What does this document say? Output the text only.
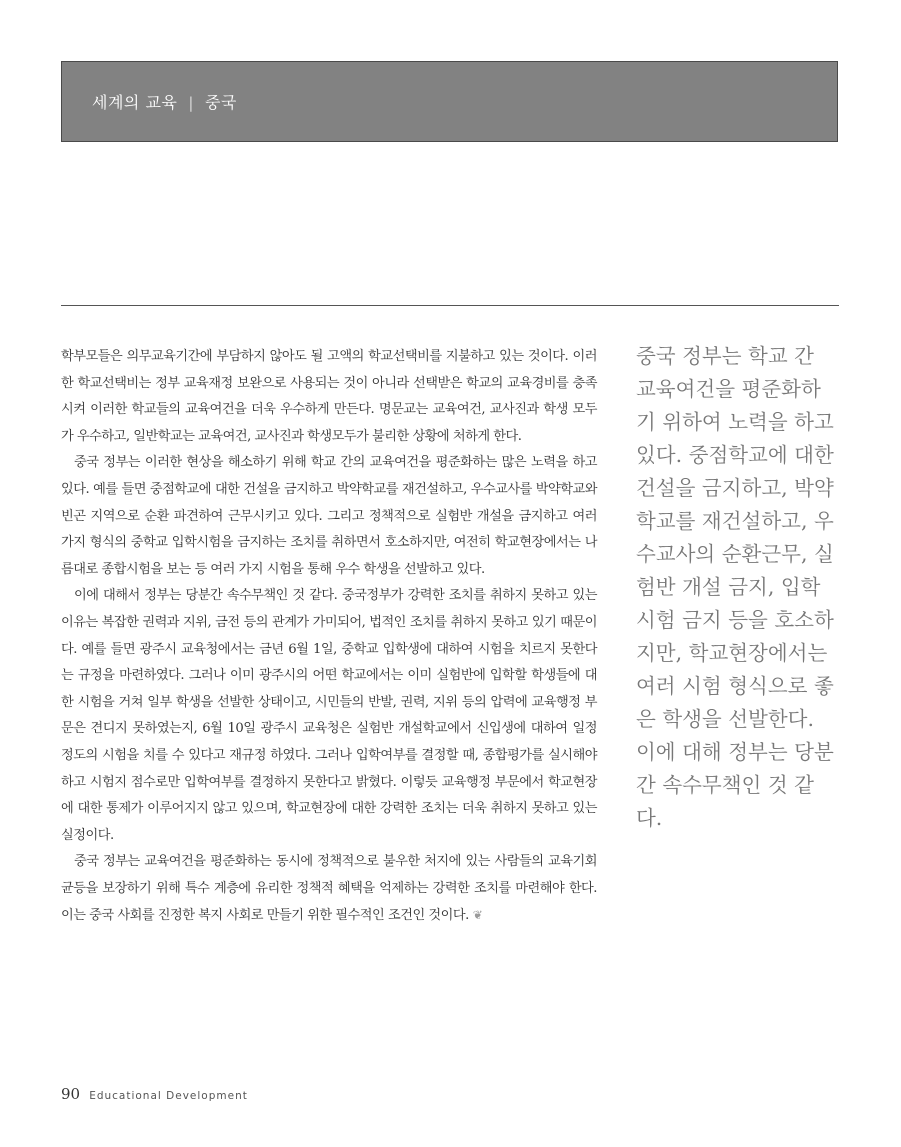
세계의 교육 | 중국

학부모들은 의무교육기간에 부담하지 않아도 될 고액의 학교선택비를 지불하고 있는 것이다. 이러한 학교선택비는 정부 교육재정 보완으로 사용되는 것이 아니라 선택받은 학교의 교육경비를 충족시켜 이러한 학교들의 교육여건을 더욱 우수하게 만든다. 명문교는 교육여건, 교사진과 학생 모두가 우수하고, 일반학교는 교육여건, 교사진과 학생모두가 불리한 상황에 처하게 한다.

중국 정부는 이러한 현상을 해소하기 위해 학교 간의 교육여건을 평준화하는 많은 노력을 하고 있다. 예를 들면 중점학교에 대한 건설을 금지하고 박약학교를 재건설하고, 우수교사를 박약학교와 빈곤 지역으로 순환 파견하여 근무시키고 있다. 그리고 정책적으로 실험반 개설을 금지하고 여러 가지 형식의 중학교 입학시험을 금지하는 조치를 취하면서 호소하지만, 여전히 학교현장에서는 나름대로 종합시험을 보는 등 여러 가지 시험을 통해 우수 학생을 선발하고 있다.

이에 대해서 정부는 당분간 속수무책인 것 같다. 중국정부가 강력한 조치를 취하지 못하고 있는 이유는 복잡한 권력과 지위, 금전 등의 관계가 가미되어, 법적인 조치를 취하지 못하고 있기 때문이다. 예를 들면 광주시 교육청에서는 금년 6월 1일, 중학교 입학생에 대하여 시험을 치르지 못한다는 규정을 마련하였다. 그러나 이미 광주시의 어떤 학교에서는 이미 실험반에 입학할 학생들에 대한 시험을 거쳐 일부 학생을 선발한 상태이고, 시민들의 반발, 권력, 지위 등의 압력에 교육행정 부문은 견디지 못하였는지, 6월 10일 광주시 교육청은 실험반 개설학교에서 신입생에 대하여 일정 정도의 시험을 치를 수 있다고 재규정 하였다. 그러나 입학여부를 결정할 때, 종합평가를 실시해야하고 시험지 점수로만 입학여부를 결정하지 못한다고 밝혔다. 이렇듯 교육행정 부문에서 학교현장에 대한 통제가 이루어지지 않고 있으며, 학교현장에 대한 강력한 조치는 더욱 취하지 못하고 있는 실정이다.

중국 정부는 교육여건을 평준화하는 동시에 정책적으로 불우한 처지에 있는 사람들의 교육기회 균등을 보장하기 위해 특수 계층에 유리한 정책적 혜택을 억제하는 강력한 조치를 마련해야 한다. 이는 중국 사회를 진정한 복지 사회로 만들기 위한 필수적인 조건인 것이다. ❦

중국 정부는 학교 간 교육여건을 평준화하기 위하여 노력을 하고 있다. 중점학교에 대한 건설을 금지하고, 박약학교를 재건설하고, 우수교사의 순환근무, 실험반 개설 금지, 입학시험 금지 등을 호소하지만, 학교현장에서는 여러 시험 형식으로 좋은 학생을 선발한다. 이에 대해 정부는 당분간 속수무책인 것 같다.

90 Educational Development
